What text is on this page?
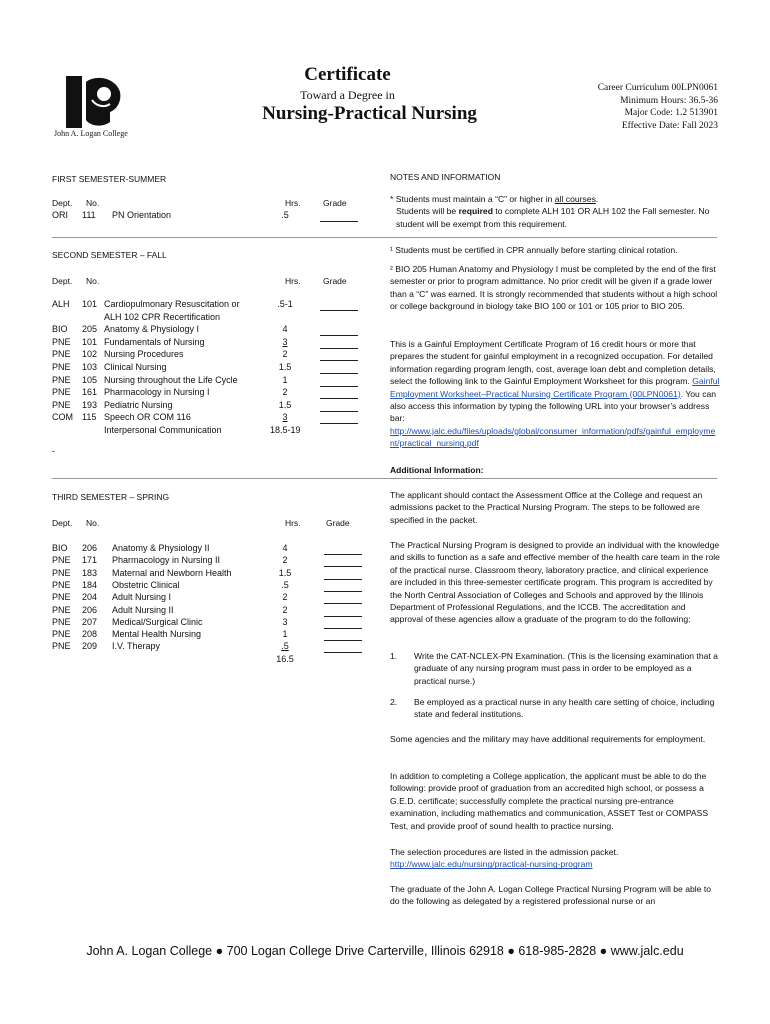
John A. Logan College
Certificate
Toward a Degree in
Nursing-Practical Nursing
Career Curriculum 00LPN0061
Minimum Hours: 36.5-36
Major Code: 1.2 513901
Effective Date: Fall 2023
FIRST SEMESTER-SUMMER
Dept. No.	Hrs.	Grade
ORI 111 PN Orientation	.5
SECOND SEMESTER – FALL
Dept. No.	Hrs.	Grade
ALH 101 Cardiopulmonary Resuscitation or	.5-1
ALH 102 CPR Recertification
BIO 205 Anatomy & Physiology I	4
PNE 101 Fundamentals of Nursing	3
PNE 102 Nursing Procedures	2
PNE 103 Clinical Nursing	1.5
PNE 105 Nursing throughout the Life Cycle	1
PNE 161 Pharmacology in Nursing I	2
PNE 193 Pediatric Nursing	1.5
COM 115 Speech OR COM 116	3
Interpersonal Communication	18.5-19
-
THIRD SEMESTER – SPRING
Dept. No.	Hrs.	Grade
BIO 206 Anatomy & Physiology II	4
PNE 171 Pharmacology in Nursing II	2
PNE 183 Maternal and Newborn Health	1.5
PNE 184 Obstetric Clinical	.5
PNE 204 Adult Nursing I	2
PNE 206 Adult Nursing II	2
PNE 207 Medical/Surgical Clinic	3
PNE 208 Mental Health Nursing	1
PNE 209 I.V. Therapy	.5
16.5
NOTES AND INFORMATION

* Students must maintain a “C” or higher in all courses.

Students will be required to complete ALH 101 OR ALH 102 the Fall semester. No student will be exempt from this requirement.

¹ Students must be certified in CPR annually before starting clinical rotation.
² BIO 205 Human Anatomy and Physiology I must be completed by the end of the first semester or prior to program admittance. No prior credit will be given if a grade lower than a “C” was earned. It is strongly recommended that students without a high school or college background in biology take BIO 100 or 101 or 105 prior to BIO 205.
This is a Gainful Employment Certificate Program of 16 credit hours or more that prepares the student for gainful employment in a recognized occupation. For detailed information regarding program length, cost, average loan debt and completion details, select the following link to the Gainful Employment Worksheet for this program. Gainful Employment Worksheet–Practical Nursing Certificate Program (00LPN0061). You can also access this information by typing the following URL into your browser’s address bar:
http://www.jalc.edu/files/uploads/global/consumer_information/pdfs/gainful_employment/practical_nursing.pdf
Additional Information:
The applicant should contact the Assessment Office at the College and request an admissions packet to the Practical Nursing Program. The steps to be followed are specified in the packet.
The Practical Nursing Program is designed to provide an individual with the knowledge and skills to function as a safe and effective member of the health care team in the role of the practical nurse. Classroom theory, laboratory practice, and clinical experience are included in this three-semester certificate program. This program is accredited by the North Central Association of Colleges and Schools and approved by the Illinois Department of Professional Regulations, and the ICCB. The accreditation and approval of these agencies allow a graduate of the program to do the following:
1.	Write the CAT-NCLEX-PN Examination. (This is the licensing examination that a graduate of any nursing program must pass in order to be employed as a practical nurse.)
2.	Be employed as a practical nurse in any health care setting of choice, including state and federal institutions.
Some agencies and the military may have additional requirements for employment.
In addition to completing a College application, the applicant must be able to do the following: provide proof of graduation from an accredited high school, or possess a G.E.D. certificate; successfully complete the practical nursing pre-entrance examination, including mathematics and communication, ASSET Test or COMPASS Test, and provide proof of sound health to practice nursing.
The selection procedures are listed in the admission packet.
http://www.jalc.edu/nursing/practical-nursing-program
The graduate of the John A. Logan College Practical Nursing Program will be able to do the following as delegated by a registered professional nurse or an
John A. Logan College ● 700 Logan College Drive Carterville, Illinois 62918 ● 618-985-2828 ● www.jalc.edu
